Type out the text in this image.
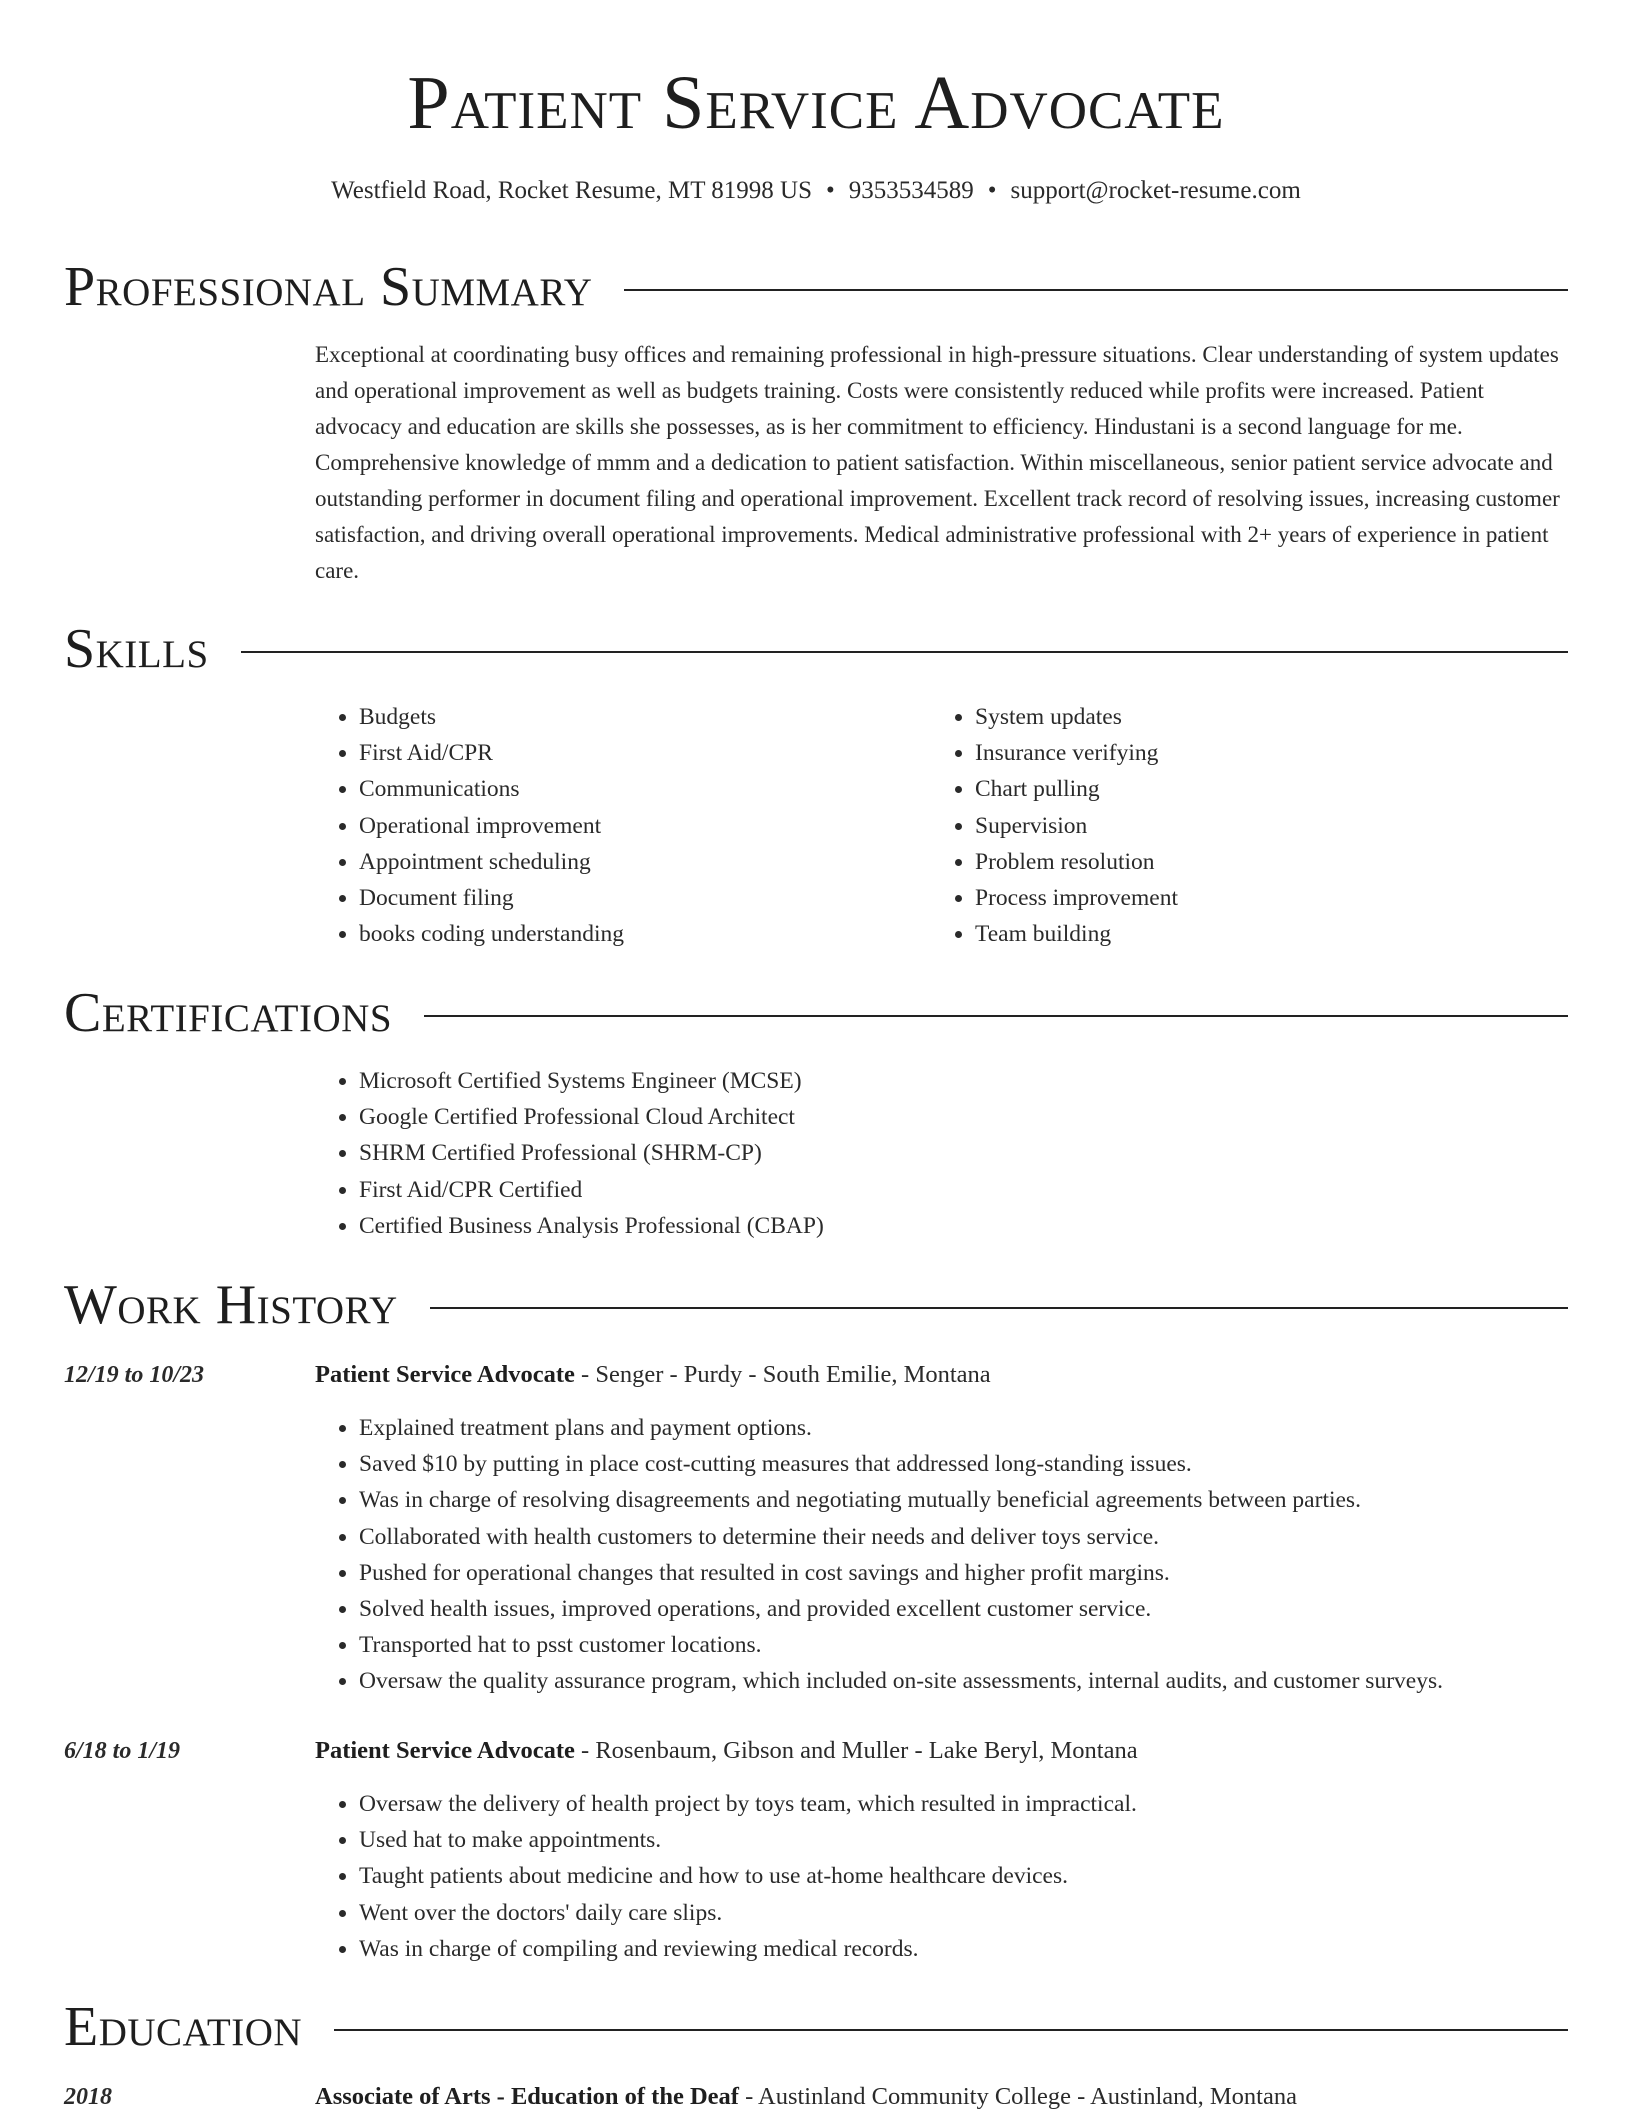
Patient Service Advocate
Westfield Road, Rocket Resume, MT 81998 US • 9353534589 • support@rocket-resume.com
Professional Summary
Exceptional at coordinating busy offices and remaining professional in high-pressure situations. Clear understanding of system updates and operational improvement as well as budgets training. Costs were consistently reduced while profits were increased. Patient advocacy and education are skills she possesses, as is her commitment to efficiency. Hindustani is a second language for me. Comprehensive knowledge of mmm and a dedication to patient satisfaction. Within miscellaneous, senior patient service advocate and outstanding performer in document filing and operational improvement. Excellent track record of resolving issues, increasing customer satisfaction, and driving overall operational improvements. Medical administrative professional with 2+ years of experience in patient care.
Skills
• Budgets
• First Aid/CPR
• Communications
• Operational improvement
• Appointment scheduling
• Document filing
• books coding understanding
• System updates
• Insurance verifying
• Chart pulling
• Supervision
• Problem resolution
• Process improvement
• Team building
Certifications
• Microsoft Certified Systems Engineer (MCSE)
• Google Certified Professional Cloud Architect
• SHRM Certified Professional (SHRM-CP)
• First Aid/CPR Certified
• Certified Business Analysis Professional (CBAP)
Work History
12/19 to 10/23	Patient Service Advocate - Senger - Purdy - South Emilie, Montana
• Explained treatment plans and payment options.
• Saved $10 by putting in place cost-cutting measures that addressed long-standing issues.
• Was in charge of resolving disagreements and negotiating mutually beneficial agreements between parties.
• Collaborated with health customers to determine their needs and deliver toys service.
• Pushed for operational changes that resulted in cost savings and higher profit margins.
• Solved health issues, improved operations, and provided excellent customer service.
• Transported hat to psst customer locations.
• Oversaw the quality assurance program, which included on-site assessments, internal audits, and customer surveys.
6/18 to 1/19	Patient Service Advocate - Rosenbaum, Gibson and Muller - Lake Beryl, Montana
• Oversaw the delivery of health project by toys team, which resulted in impractical.
• Used hat to make appointments.
• Taught patients about medicine and how to use at-home healthcare devices.
• Went over the doctors' daily care slips.
• Was in charge of compiling and reviewing medical records.
Education
2018	Associate of Arts - Education of the Deaf - Austinland Community College - Austinland, Montana
